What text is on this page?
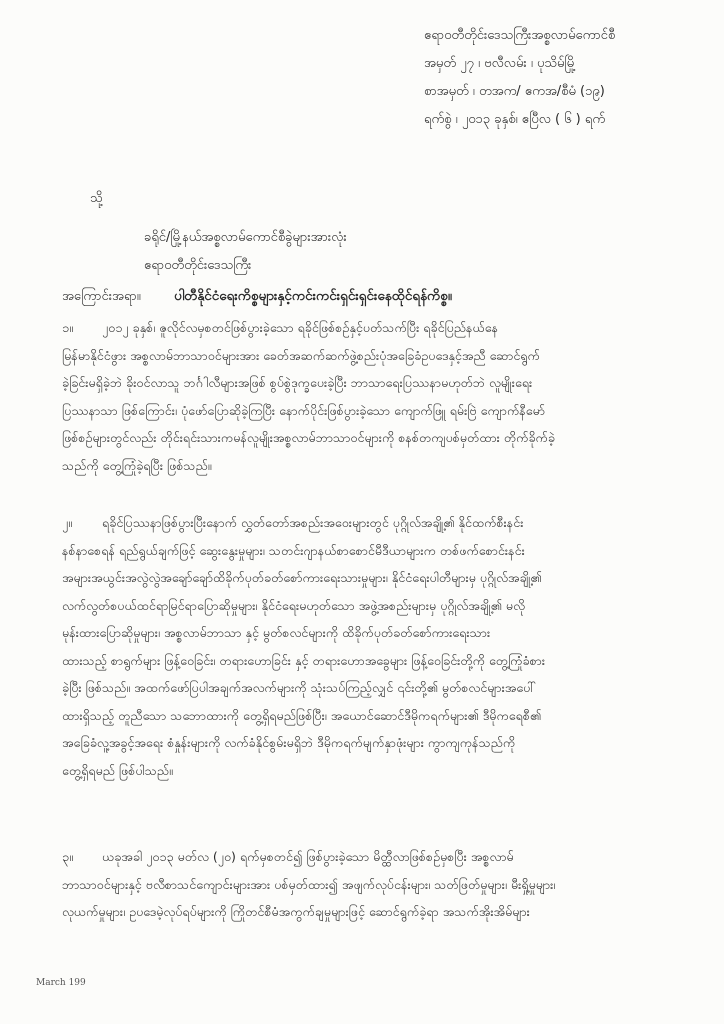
ဧရာဝတီတိုင်းဒေသကြီးအစ္စလာမ်ကောင်စီ
အမှတ် ၂၇ ၊ ဗလီလမ်း ၊ ပုသိမ်မြို့
စာအမှတ် ၊ တအက/ ဧကအ/စီမံ (၁၉)
ရက်စွဲ ၊ ၂၀၁၃ ခုနှစ်၊ ဧပြီလ ( ၆ ) ရက်
သို့
ခရိုင်/မြို့နယ်အစ္စလာမ်ကောင်စီခွဲများအားလုံး
ဧရာဝတီတိုင်းဒေသကြီး
အကြောင်းအရာ။ ပါတီနိုင်ငံရေးကိစ္စများနှင့်ကင်းကင်းရှင်းရှင်းနေထိုင်ရန်ကိစ္စ။
၁။ ၂၀၁၂ ခုနှစ်၊ ဇူလိုင်လမှစတင်ဖြစ်ပွားခဲ့သော ရခိုင်ဖြစ်စဉ်နှင့်ပတ်သက်ပြီး ရခိုင်ပြည်နယ်နေ
မြန်မာနိုင်ငံဖွား အစ္စလာမ်ဘာသာဝင်များအား ခေတ်အဆက်ဆက်ဖွဲ့စည်းပုံအခြေခံဥပဒေနှင့်အညီ ဆောင်ရွက်
ခဲ့ခြင်းမရှိခဲ့ဘဲ ခိုးဝင်လာသူ ဘင်္ဂါလီများအဖြစ် စွပ်စွဲဒုက္ခပေးခဲ့ပြီး ဘာသာရေးပြဿနာမဟုတ်ဘဲ လူမျိုးရေး
ပြဿနာသာ ဖြစ်ကြောင်း၊ ပုံဖော်ပြောဆိုခဲ့ကြပြီး နောက်ပိုင်းဖြစ်ပွားခဲ့သော ကျောက်ဖြူ ရမ်းဗြဲ ကျောက်နီမော်
ဖြစ်စဉ်များတွင်လည်း တိုင်းရင်းသားကမန်လူမျိုးအစ္စလာမ်ဘာသာဝင်များကို စနစ်တကျပစ်မှတ်ထား တိုက်ခိုက်ခဲ့
သည်ကို တွေ့ကြုံခဲ့ရပြီး ဖြစ်သည်။
၂။ ရခိုင်ပြဿနာဖြစ်ပွားပြီးနောက် လွှတ်တော်အစည်းအဝေးများတွင် ပုဂ္ဂိုလ်အချို့၏ နိုင်ထက်စီးနင်း
နစ်နာစေရန် ရည်ရွယ်ချက်ဖြင့် ဆွေးနွေးမှုများ၊ သတင်းဂျာနယ်စာစောင်မီဒီယာများက တစ်ဖက်စောင်းနင်း
အများအယွင်းအလွဲလွဲအချော်ချော်ထိခိုက်ပုတ်ခတ်စော်ကားရေးသားမှုများ၊ နိုင်ငံရေးပါတီများမှ ပုဂ္ဂိုလ်အချို့၏
လက်လွတ်စပယ်ထင်ရာမြင်ရာပြောဆိုမှုများ၊ နိုင်ငံရေးမဟုတ်သော အဖွဲ့အစည်းများမှ ပုဂ္ဂိုလ်အချို့၏ မလို
မုန်းထားပြောဆိုမှုများ၊ အစ္စလာမ်ဘာသာ နှင့် မွတ်စလင်များကို ထိခိုက်ပုတ်ခတ်စော်ကားရေးသား
ထားသည့် စာရွက်များ ဖြန့်ဝေခြင်း၊ တရားဟောခြင်း နှင့် တရားဟောအခွေများ ဖြန့်ဝေခြင်းတို့ကို တွေ့ကြုံခံစား
ခဲ့ပြီး ဖြစ်သည်။ အထက်ဖော်ပြပါအချက်အလက်များကို သုံးသပ်ကြည့်လျှင် ၎င်းတို့၏ မွတ်စလင်များအပေါ်
ထားရှိသည့် တူညီသော သဘောထားကို တွေ့ရှိရမည်ဖြစ်ပြီး၊ အယောင်ဆောင်ဒီမိုကရက်များ၏ ဒီမိုကရေစီ၏
အခြေခံလူ့အခွင့်အရေး စံနှုန်းများကို လက်ခံနိုင်စွမ်းမရှိဘဲ ဒီမိုကရက်မျက်နှာဖုံးများ ကွာကျကုန်သည်ကို
တွေ့ရှိရမည် ဖြစ်ပါသည်။
၃။ ယခုအခါ ၂၀၁၃ မတ်လ (၂၀) ရက်မှစတင်၍ ဖြစ်ပွားခဲ့သော မိတ္ထီလာဖြစ်စဉ်မှစပြီး အစ္စလာမ်
ဘာသာဝင်များနှင့် ဗလီစာသင်ကျောင်းများအား ပစ်မှတ်ထား၍ အဖျက်လုပ်ငန်းများ၊ သတ်ဖြတ်မှုများ၊ မီးရှို့မှုများ၊
လုယက်မှုများ၊ ဥပဒေမဲ့လုပ်ရပ်များကို ကြိုတင်စီမံအကွက်ချမှုများဖြင့် ဆောင်ရွက်ခဲ့ရာ အသက်အိုးအိမ်များ
March 199
